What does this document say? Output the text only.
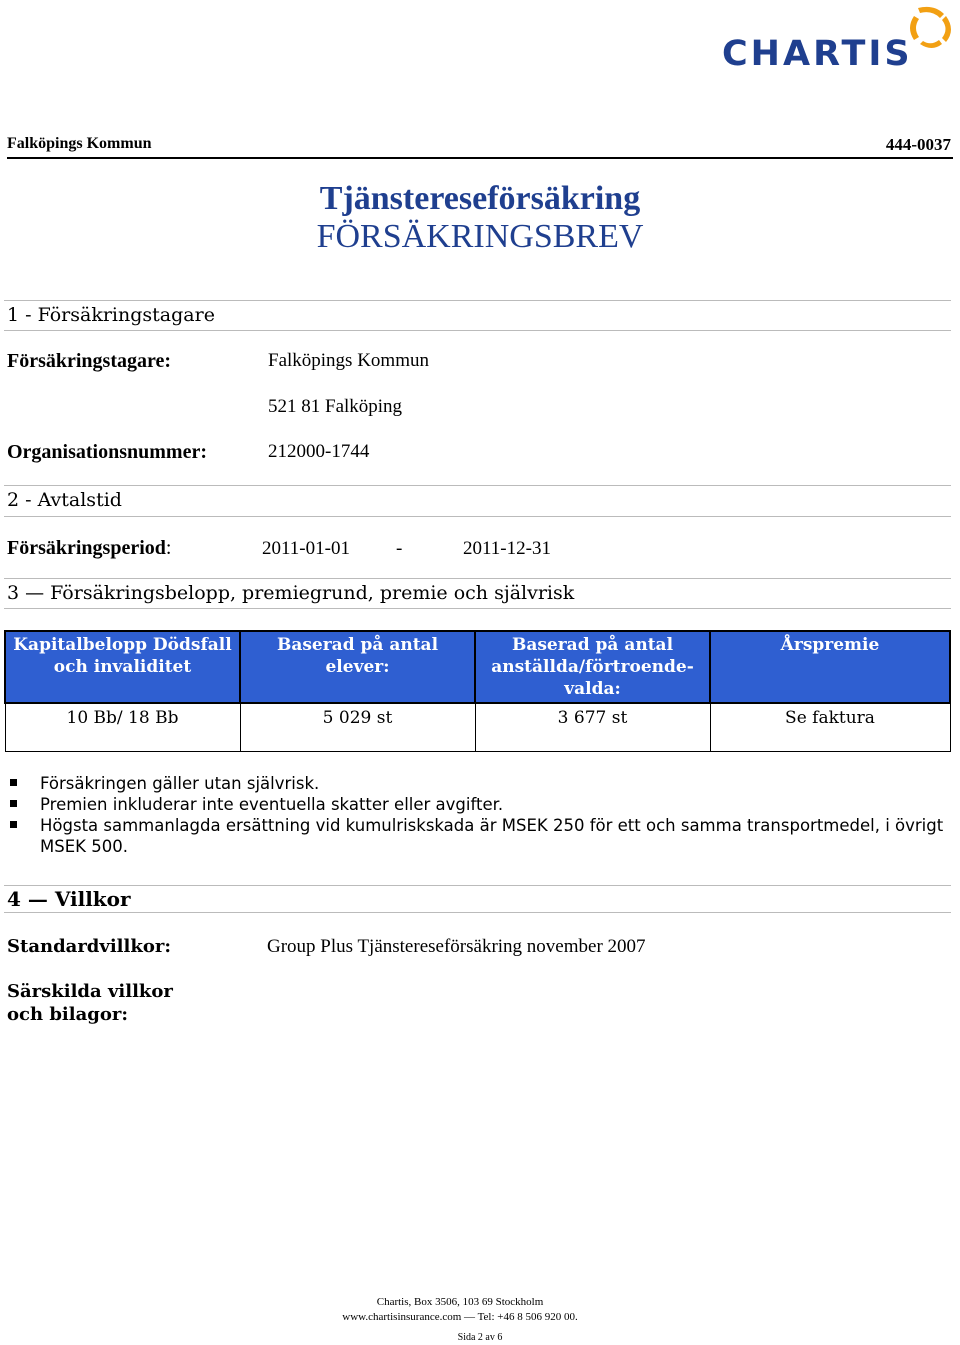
CHARTIS
Falköpings Kommun	444-0037
Tjänstereseförsäkring
FÖRSÄKRINGSBREV
1 - Försäkringstagare
Försäkringstagare:	Falköpings Kommun
521 81 Falköping
Organisationsnummer:	212000-1744
2 - Avtalstid
Försäkringsperiod:	2011-01-01 -	2011-12-31
3 — Försäkringsbelopp, premiegrund, premie och självrisk
Kapitalbelopp Dödsfall och invaliditet	Baserad på antal elever:	Baserad på antal anställda/förtroende-valda:	Årspremie
10 Bb/ 18 Bb	5 029 st	3 677 st	Se faktura
Försäkringen gäller utan självrisk.
Premien inkluderar inte eventuella skatter eller avgifter.
Högsta sammanlagda ersättning vid kumulriskskada är MSEK 250 för ett och samma transportmedel, i övrigt MSEK 500.
4 — Villkor
Standardvillkor:	Group Plus Tjänstereseförsäkring november 2007
Särskilda villkor
och bilagor:
Chartis, Box 3506, 103 69 Stockholm
www.chartisinsurance.com — Tel: +46 8 506 920 00.
Sida 2 av 6
